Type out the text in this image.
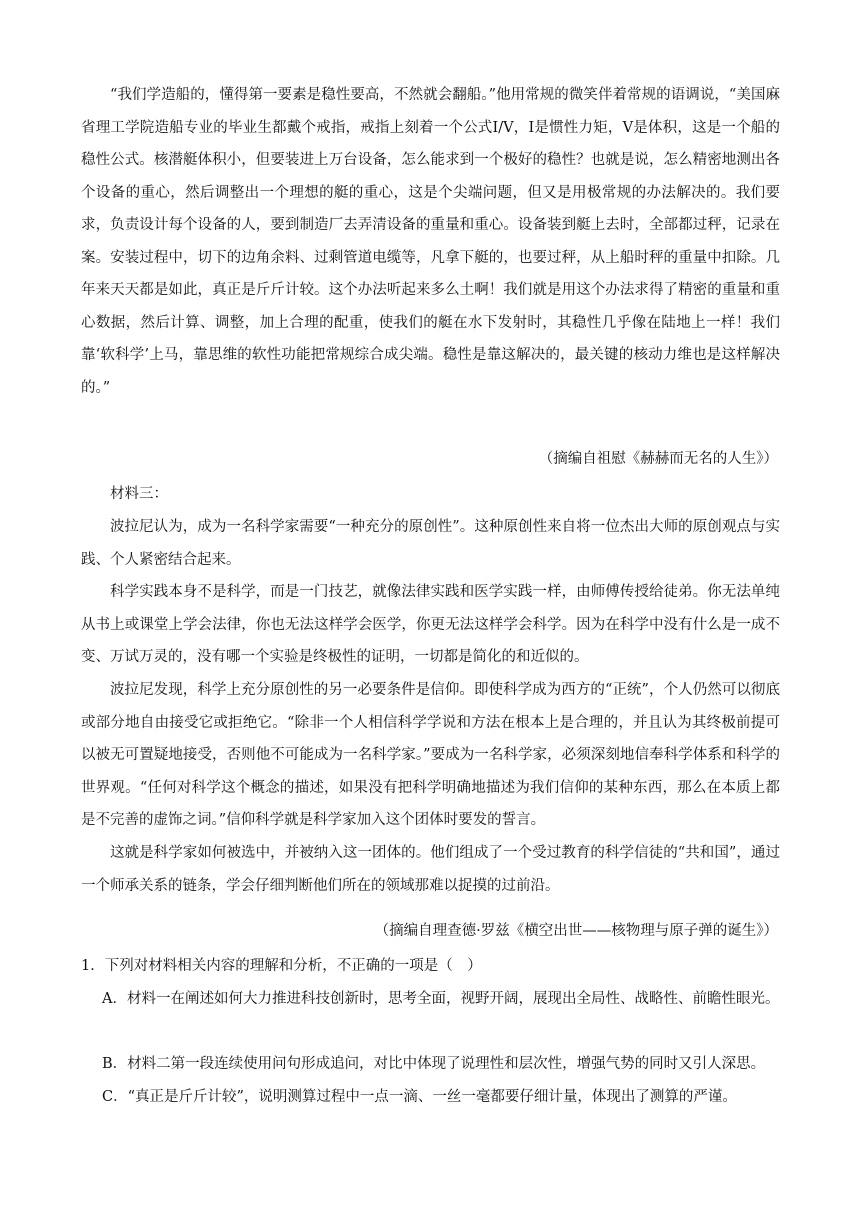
“我们学造船的，懂得第一要素是稳性要高，不然就会翻船。”他用常规的微笑伴着常规的语调说，“美国麻省理工学院造船专业的毕业生都戴个戒指，戒指上刻着一个公式I/V，I是惯性力矩，V是体积，这是一个船的稳性公式。核潜艇体积小，但要装进上万台设备，怎么能求到一个极好的稳性？也就是说，怎么精密地测出各个设备的重心，然后调整出一个理想的艇的重心，这是个尖端问题，但又是用极常规的办法解决的。我们要求，负责设计每个设备的人，要到制造厂去弄清设备的重量和重心。设备装到艇上去时，全部都过秤，记录在案。安装过程中，切下的边角余料、过剩管道电缆等，凡拿下艇的，也要过秤，从上船时秤的重量中扣除。几年来天天都是如此，真正是斤斤计较。这个办法听起来多么土啊！我们就是用这个办法求得了精密的重量和重心数据，然后计算、调整，加上合理的配重，使我们的艇在水下发射时，其稳性几乎像在陆地上一样！我们靠‘软科学’上马，靠思维的软性功能把常规综合成尖端。稳性是靠这解决的，最关键的核动力维也是这样解决的。”

（摘编自祖慰《赫赫而无名的人生》）

材料三：

波拉尼认为，成为一名科学家需要“一种充分的原创性”。这种原创性来自将一位杰出大师的原创观点与实践、个人紧密结合起来。

科学实践本身不是科学，而是一门技艺，就像法律实践和医学实践一样，由师傅传授给徒弟。你无法单纯从书上或课堂上学会法律，你也无法这样学会医学，你更无法这样学会科学。因为在科学中没有什么是一成不变、万试万灵的，没有哪一个实验是终极性的证明，一切都是简化的和近似的。

波拉尼发现，科学上充分原创性的另一必要条件是信仰。即使科学成为西方的“正统”，个人仍然可以彻底或部分地自由接受它或拒绝它。“除非一个人相信科学学说和方法在根本上是合理的，并且认为其终极前提可以被无可置疑地接受，否则他不可能成为一名科学家。”要成为一名科学家，必须深刻地信奉科学体系和科学的世界观。“任何对科学这个概念的描述，如果没有把科学明确地描述为我们信仰的某种东西，那么在本质上都是不完善的虚饰之词。”信仰科学就是科学家加入这个团体时要发的誓言。

这就是科学家如何被选中，并被纳入这一团体的。他们组成了一个受过教育的科学信徒的“共和国”，通过一个师承关系的链条，学会仔细判断他们所在的领域那难以捉摸的过前沿。

（摘编自理查德·罗兹《横空出世——核物理与原子弹的诞生》）

1．下列对材料相关内容的理解和分析，不正确的一项是（　）

A．材料一在阐述如何大力推进科技创新时，思考全面，视野开阔，展现出全局性、战略性、前瞻性眼光。

B．材料二第一段连续使用问句形成追问，对比中体现了说理性和层次性，增强气势的同时又引人深思。

C．“真正是斤斤计较”，说明测算过程中一点一滴、一丝一毫都要仔细计量，体现出了测算的严谨。
